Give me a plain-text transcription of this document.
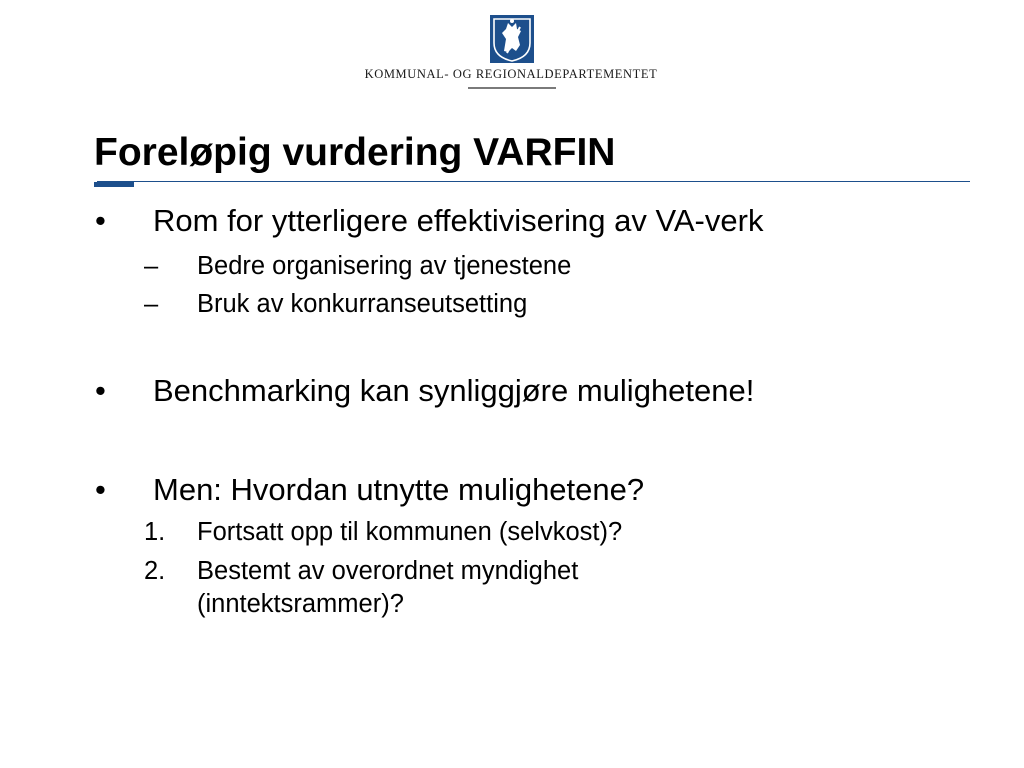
KOMMUNAL- OG REGIONALDEPARTEMENTET
Foreløpig vurdering VARFIN
• Rom for ytterligere effektivisering av VA-verk
– Bedre organisering av tjenestene
– Bruk av konkurranseutsetting
• Benchmarking kan synliggjøre mulighetene!
• Men: Hvordan utnytte mulighetene?
1. Fortsatt opp til kommunen (selvkost)?
2. Bestemt av overordnet myndighet
(inntektsrammer)?
